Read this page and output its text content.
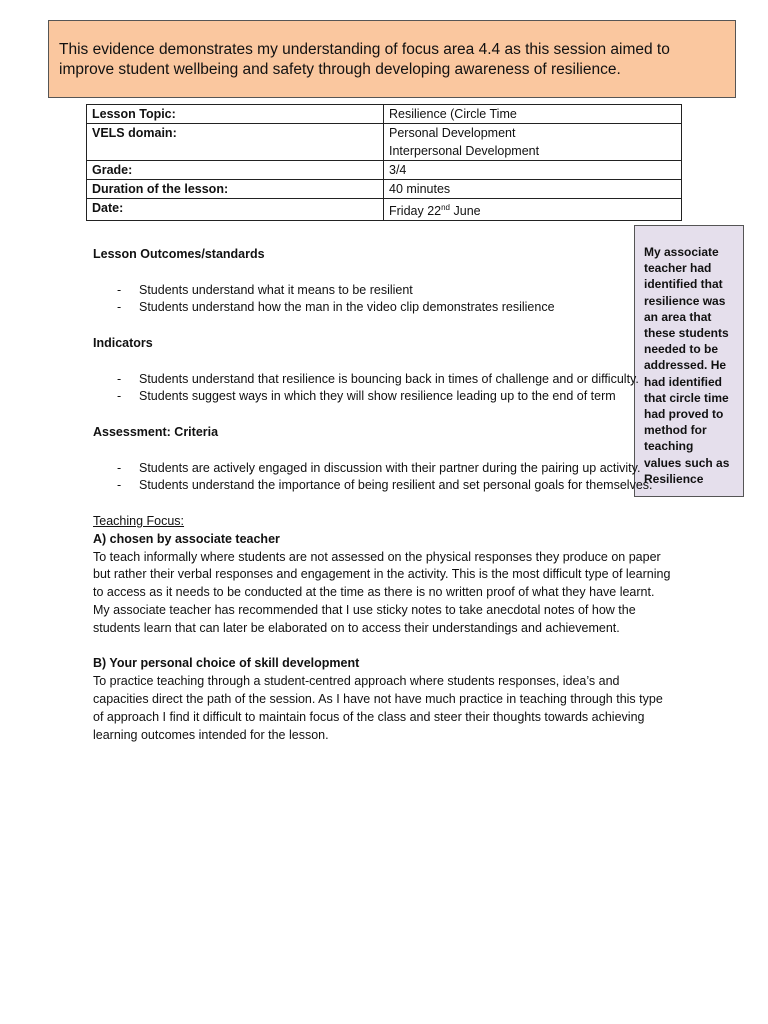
This evidence demonstrates my understanding of focus area 4.4 as this session aimed to improve student wellbeing and safety through developing awareness of resilience.

Lesson Topic:	Resilience (Circle Time
VELS domain:	Personal Development
Interpersonal Development

Grade:	3/4
Duration of the lesson:	40 minutes
Date:	Friday 22nd June
My associate teacher had identified that resilience was an area that these students needed to be addressed. He had identified that circle time had proved to method for teaching values such as Resilience

Lesson Outcomes/standards

- Students understand what it means to be resilient
- Students understand how the man in the video clip demonstrates resilience

Indicators

- Students understand that resilience is bouncing back in times of challenge and or difficulty.
- Students suggest ways in which they will show resilience leading up to the end of term

Assessment: Criteria

- Students are actively engaged in discussion with their partner during the pairing up activity.
- Students understand the importance of being resilient and set personal goals for themselves.

Teaching Focus:

A) chosen by associate teacher

To teach informally where students are not assessed on the physical responses they produce on paper but rather their verbal responses and engagement in the activity. This is the most difficult type of learning to access as it needs to be conducted at the time as there is no written proof of what they have learnt. My associate teacher has recommended that I use sticky notes to take anecdotal notes of how the students learn that can later be elaborated on to access their understandings and achievement.

B) Your personal choice of skill development

To practice teaching through a student-centred approach where students responses, idea’s and capacities direct the path of the session. As I have not have much practice in teaching through this type of approach I find it difficult to maintain focus of the class and steer their thoughts towards achieving learning outcomes intended for the lesson.
